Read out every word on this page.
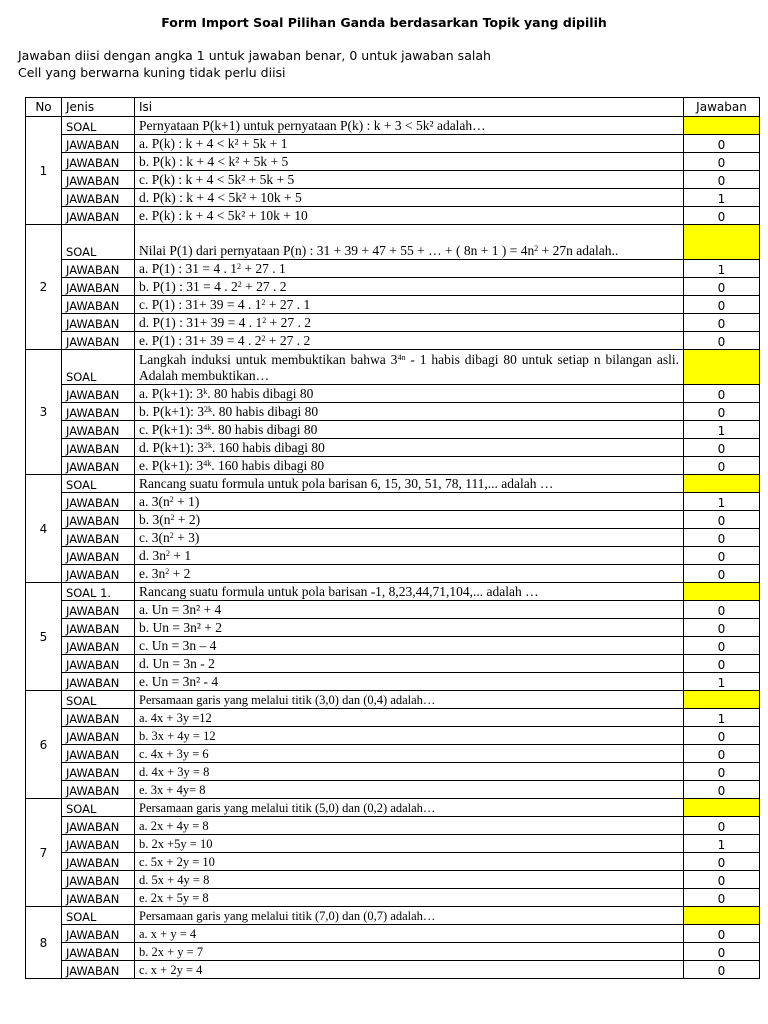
Form Import Soal Pilihan Ganda berdasarkan Topik yang dipilih
Jawaban diisi dengan angka 1 untuk jawaban benar, 0 untuk jawaban salah
Cell yang berwarna kuning tidak perlu diisi
No	Jenis	Isi	Jawaban
1	SOAL	Pernyataan P(k+1) untuk pernyataan P(k) : k + 3 < 5k² adalah…	
	JAWABAN	a. P(k) : k + 4 < k² + 5k + 1	0
	JAWABAN	b. P(k) : k + 4 < k² + 5k + 5	0
	JAWABAN	c. P(k) : k + 4 < 5k² + 5k + 5	0
	JAWABAN	d. P(k) : k + 4 < 5k² + 10k + 5	1
	JAWABAN	e. P(k) : k + 4 < 5k² + 10k + 10	0
2	SOAL	Nilai P(1) dari pernyataan P(n) : 31 + 39 + 47 + 55 + … + ( 8n + 1 ) = $4n^2 + 27n$ adalah..	
	JAWABAN	a. P(1) : 31 = 4 . $1^2 + 27$ . 1	1
	JAWABAN	b. P(1) : 31 = 4 . $2^2 + 27$ . 2	0
	JAWABAN	c. P(1) : 31+ 39 = 4 . $1^2 + 27$ . 1	0
	JAWABAN	d. P(1) : 31+ 39 = 4 . $1^2 + 27$ . 2	0
	JAWABAN	e. P(1) : 31+ 39 = 4 . $2^2 + 27$ . 2	0
3	SOAL	Langkah induksi untuk membuktikan bahwa $3^{4n} - 1$ habis dibagi 80 untuk setiap n bilangan asli. Adalah membuktikan…	
	JAWABAN	a. P(k+1): 3$^k$. 80 habis dibagi 80	0
	JAWABAN	b. P(k+1): $3^{2k}$. 80 habis dibagi 80	0
	JAWABAN	c. P(k+1): $3^{4k}$. 80 habis dibagi 80	1
	JAWABAN	d. P(k+1): $3^{2k}$. 160 habis dibagi 80	0
	JAWABAN	e. P(k+1): $3^{4k}$. 160 habis dibagi 80	0
4	SOAL	Rancang suatu formula untuk pola barisan 6, 15, 30, 51, 78, 111,... adalah …	
	JAWABAN	a. $3(n^2 + 1)$	1
	JAWABAN	b. $3(n^2 + 2)$	0
	JAWABAN	c. $3(n^2 + 3)$	0
	JAWABAN	d. $3n^2 + 1$	0
	JAWABAN	e. $3n^2 + 2$	0
5	SOAL 1.	Rancang suatu formula untuk pola barisan -1, 8,23,44,71,104,... adalah …	
	JAWABAN	a. Un = 3n² + 4	0
	JAWABAN	b. Un = 3n² + 2	0
	JAWABAN	c. Un = 3n – 4	0
	JAWABAN	d. Un = 3n - 2	0
	JAWABAN	e. Un = 3n² - 4	1
6	SOAL	Persamaan garis yang melalui titik (3,0) dan (0,4) adalah…	
	JAWABAN	a. 4x + 3y =12	1
	JAWABAN	b. 3x + 4y = 12	0
	JAWABAN	c. 4x + 3y = 6	0
	JAWABAN	d. 4x + 3y = 8	0
	JAWABAN	e. 3x + 4y= 8	0
7	SOAL	Persamaan garis yang melalui titik (5,0) dan (0,2) adalah…	
	JAWABAN	a. 2x + 4y = 8	0
	JAWABAN	b. 2x +5y = 10	1
	JAWABAN	c. 5x + 2y = 10	0
	JAWABAN	d. 5x + 4y = 8	0
	JAWABAN	e. 2x + 5y = 8	0
8	SOAL	Persamaan garis yang melalui titik (7,0) dan (0,7) adalah…	
	JAWABAN	a. x + y = 4	0
	JAWABAN	b. 2x + y = 7	0
	JAWABAN	c. x + 2y = 4	0
